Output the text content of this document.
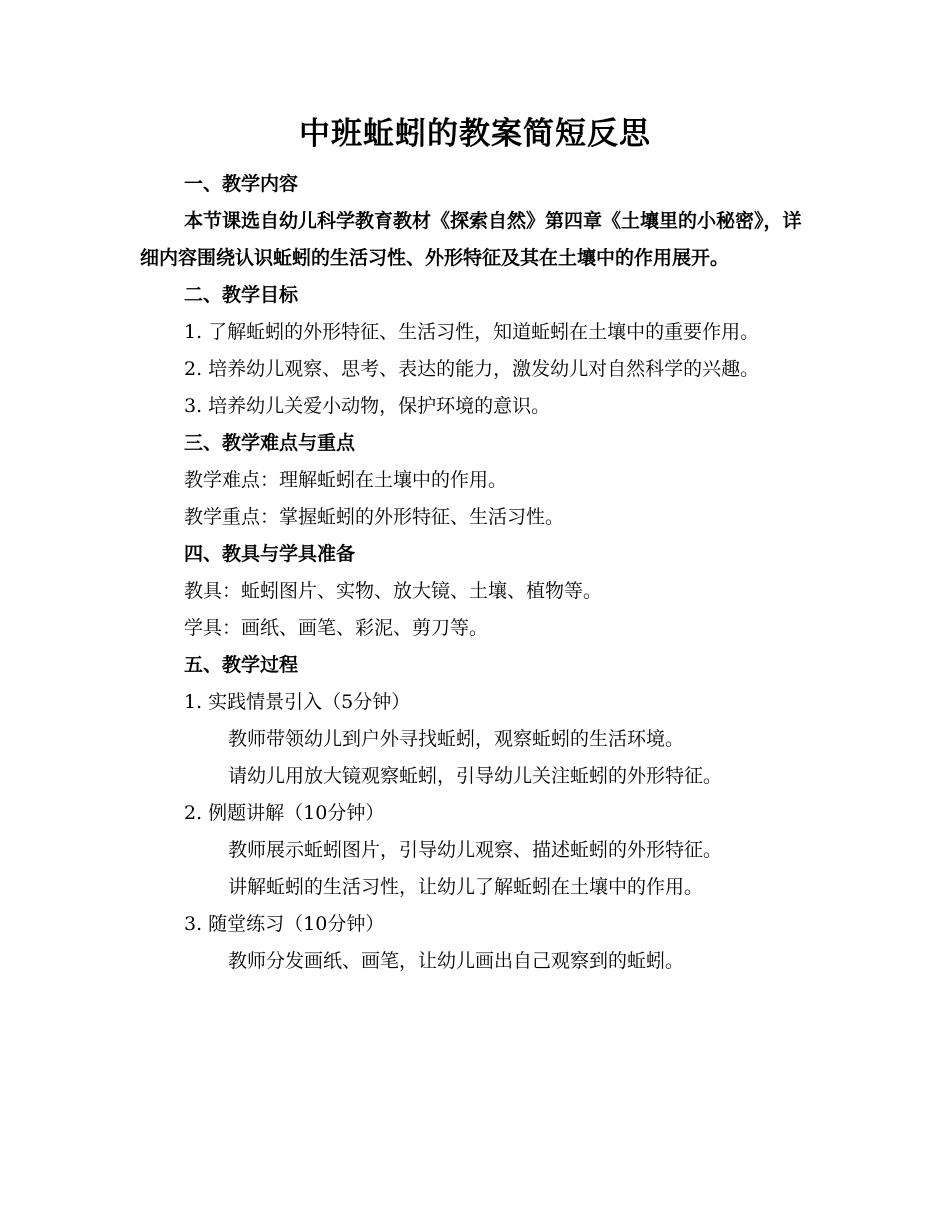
中班蚯蚓的教案简短反思

一、教学内容

本节课选自幼儿科学教育教材《探索自然》第四章《土壤里的小秘密》，详细内容围绕认识蚯蚓的生活习性、外形特征及其在土壤中的作用展开。

二、教学目标

1. 了解蚯蚓的外形特征、生活习性，知道蚯蚓在土壤中的重要作用。

2. 培养幼儿观察、思考、表达的能力，激发幼儿对自然科学的兴趣。

3. 培养幼儿关爱小动物，保护环境的意识。

三、教学难点与重点

教学难点：理解蚯蚓在土壤中的作用。

教学重点：掌握蚯蚓的外形特征、生活习性。

四、教具与学具准备

教具：蚯蚓图片、实物、放大镜、土壤、植物等。

学具：画纸、画笔、彩泥、剪刀等。

五、教学过程

1. 实践情景引入（5分钟）

教师带领幼儿到户外寻找蚯蚓，观察蚯蚓的生活环境。

请幼儿用放大镜观察蚯蚓，引导幼儿关注蚯蚓的外形特征。

2. 例题讲解（10分钟）

教师展示蚯蚓图片，引导幼儿观察、描述蚯蚓的外形特征。

讲解蚯蚓的生活习性，让幼儿了解蚯蚓在土壤中的作用。

3. 随堂练习（10分钟）

教师分发画纸、画笔，让幼儿画出自己观察到的蚯蚓。
